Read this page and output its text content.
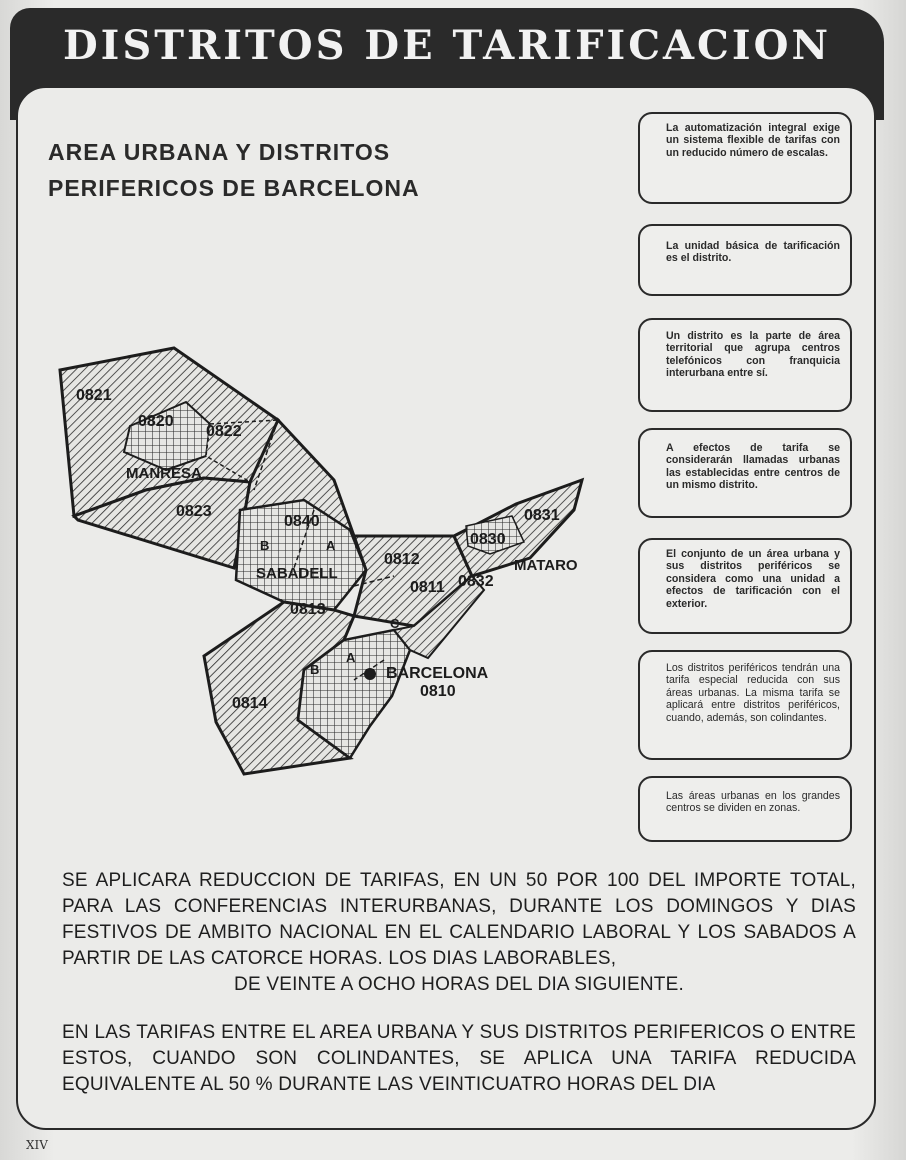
DISTRITOS DE TARIFICACION
AREA URBANA Y DISTRITOS
PERIFERICOS DE BARCELONA
La automatización integral exige un sistema flexible de tarifas con un reducido número de escalas.
La unidad básica de tarificación es el distrito.
Un distrito es la parte de área territorial que agrupa centros telefónicos con franquicia interurbana entre sí.
A efectos de tarifa se considerarán llamadas urbanas las establecidas entre centros de un mismo distrito.
El conjunto de un área urbana y sus distritos periféricos se considera como una unidad a efectos de tarificación con el exterior.
Los distritos periféricos tendrán una tarifa especial reducida con sus áreas urbanas. La misma tarifa se aplicará entre distritos periféricos, cuando, además, son colindantes.
Las áreas urbanas en los grandes centros se dividen en zonas.
0821
0820
0822
MANRESA
0823
0840
B	A
SABADELL
0812
0830
0831
MATARO
0811 0832
0813
A
B
C
BARCELONA
0810
0814

SE APLICARA REDUCCION DE TARIFAS, EN UN 50 POR 100 DEL IMPORTE TOTAL, PARA LAS CONFERENCIAS INTERURBANAS, DURANTE LOS DOMINGOS Y DIAS FESTIVOS DE AMBITO NACIONAL EN EL CALENDARIO LABORAL Y LOS SABADOS A PARTIR DE LAS CATORCE HORAS. LOS DIAS LABORABLES,
DE VEINTE A OCHO HORAS DEL DIA SIGUIENTE.

EN LAS TARIFAS ENTRE EL AREA URBANA Y SUS DISTRITOS PERIFERICOS O ENTRE ESTOS, CUANDO SON COLINDANTES, SE APLICA UNA TARIFA REDUCIDA EQUIVALENTE AL 50 % DURANTE LAS VEINTICUATRO HORAS DEL DIA

XIV
